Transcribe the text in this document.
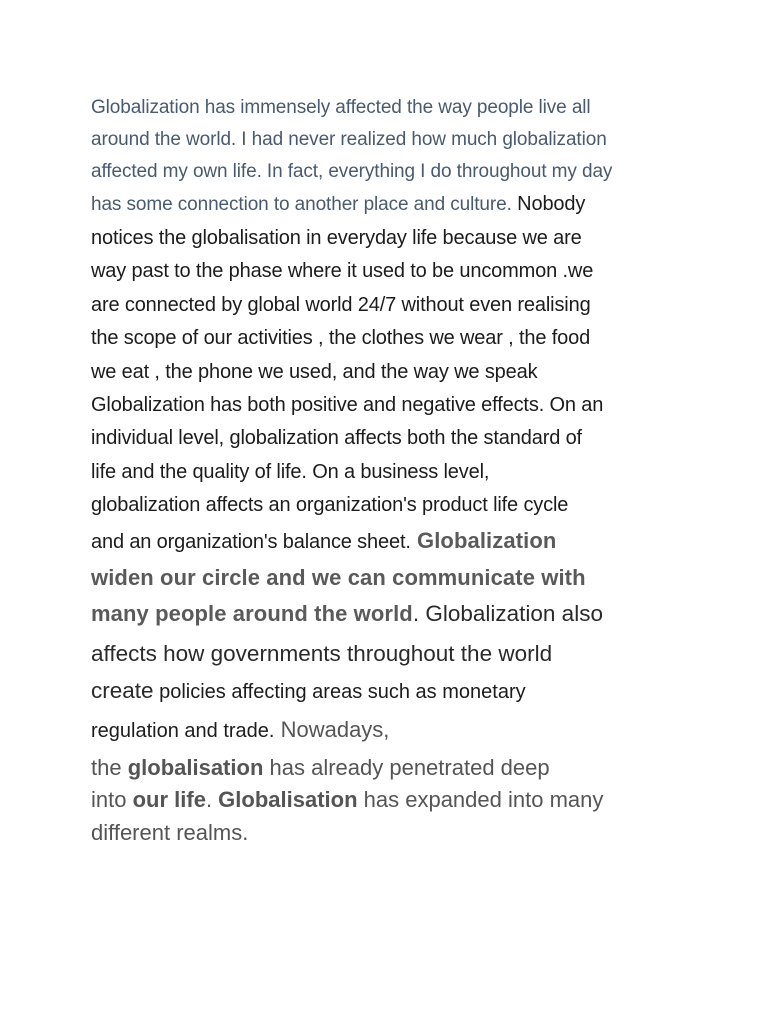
Globalization has immensely affected the way people live all
around the world. I had never realized how much globalization
affected my own life. In fact, everything I do throughout my day
has some connection to another place and culture. Nobody
notices the globalisation in everyday life because we are
way past to the phase where it used to be uncommon .we
are connected by global world 24/7 without even realising
the scope of our activities , the clothes we wear , the food
we eat , the phone we used, and the way we speak
Globalization has both positive and negative effects. On an
individual level, globalization affects both the standard of
life and the quality of life. On a business level,
globalization affects an organization's product life cycle
and an organization's balance sheet. Globalization
widen our circle and we can communicate with
many people around the world. Globalization also
affects how governments throughout the world
create policies affecting areas such as monetary
regulation and trade. Nowadays,
the globalisation has already penetrated deep
into our life. Globalisation has expanded into many
different realms.
